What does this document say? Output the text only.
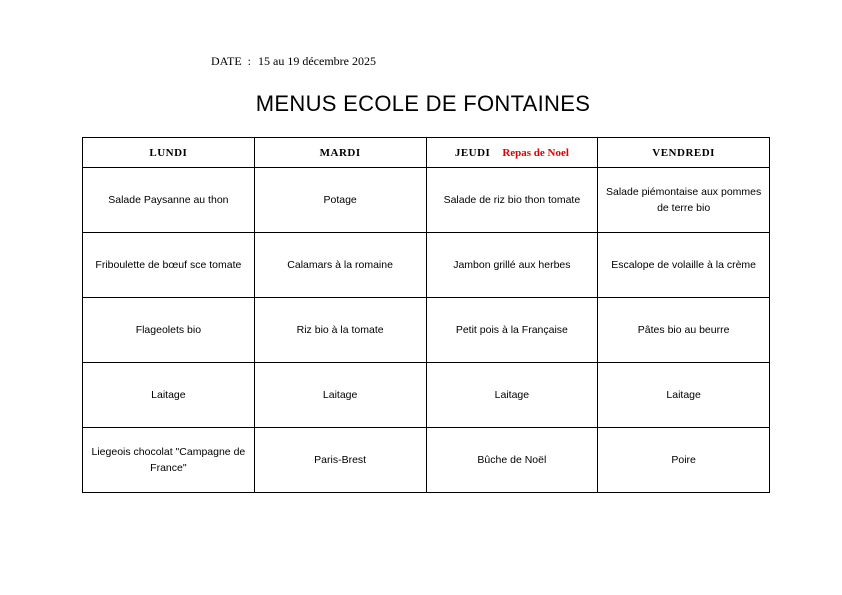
DATE : 15 au 19 décembre 2025
MENUS ECOLE DE FONTAINES
LUNDI	MARDI	JEUDI Repas de Noel	VENDREDI
Salade Paysanne au thon	Potage	Salade de riz bio thon tomate	Salade piémontaise aux pommes de terre bio
Friboulette de bœuf sce tomate	Calamars à la romaine	Jambon grillé aux herbes	Escalope de volaille à la crème
Flageolets bio	Riz bio à la tomate	Petit pois à la Française	Pâtes bio au beurre
Laitage	Laitage	Laitage	Laitage
Liegeois chocolat "Campagne de France"	Paris-Brest	Bûche de Noël	Poire
